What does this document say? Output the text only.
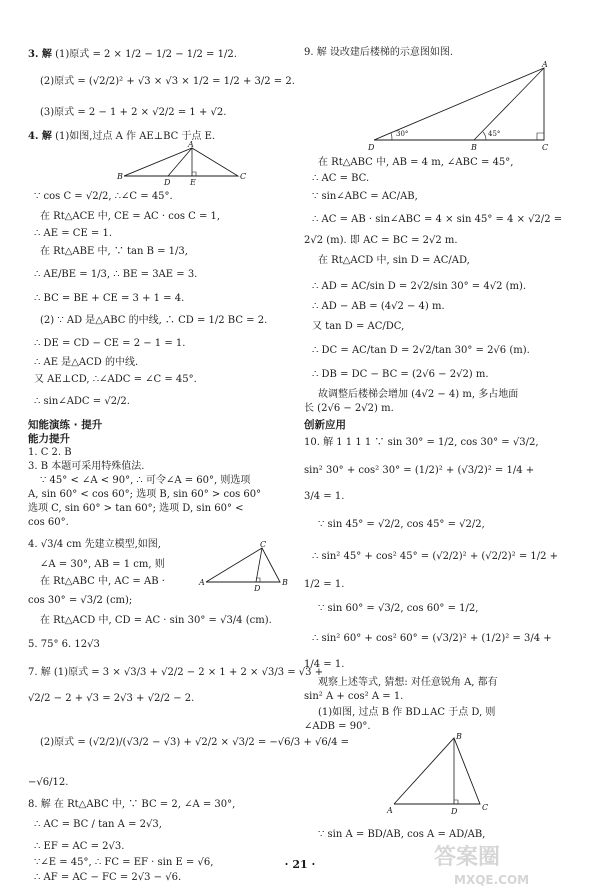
3. 解 (1)原式 = 2 × 1/2 − 1/2 − 1/2 = 1/2.
(2)原式 = (√2/2)² + √3 × √3 × 1/2 = 1/2 + 3/2 = 2.
(3)原式 = 2 − 1 + 2 × √2/2 = 1 + √2.
4. 解 (1)如图,过点 A 作 AE⊥BC 于点 E.
A
B	C
D E
∵ cos C = √2/2, ∴∠C = 45°.
在 Rt△ACE 中, CE = AC · cos C = 1,
∴ AE = CE = 1.
在 Rt△ABE 中, ∵ tan B = 1/3,
∴ AE/BE = 1/3, ∴ BE = 3AE = 3.
∴ BC = BE + CE = 3 + 1 = 4.
(2) ∵ AD 是△ABC 的中线, ∴ CD = 1/2 BC = 2.
∴ DE = CD − CE = 2 − 1 = 1.
∴ AE 是△ACD 的中线.
又 AE⊥CD, ∴∠ADC = ∠C = 45°.
∴ sin∠ADC = √2/2.
知能演练 · 提升
能力提升
1. C 2. B
3. B 本题可采用特殊值法.
∵ 45° < ∠A < 90°, ∴ 可令∠A = 60°, 则选项
A, sin 60° < cos 60°; 选项 B, sin 60° > cos 60°
选项 C, sin 60° > tan 60°; 选项 D, sin 60° <
cos 60°.
4. √3/4 cm 先建立模型,如图,
∠A = 30°, AB = 1 cm, 则
在 Rt△ABC 中, AC = AB ·
cos 30° = √3/2 (cm);
在 Rt△ACD 中, CD = AC · sin 30° = √3/4 (cm).
A	B
C
D
5. 75° 6. 12√3
7. 解 (1)原式 = 3 × √3/3 + √2/2 − 2 × 1 + 2 × √3/3 = √3 +
√2/2 − 2 + √3 = 2√3 + √2/2 − 2.
(2)原式 = (√2/2)/(√3/2 − √3) + √2/2 × √3/2 = −√6/3 + √6/4 =
−√6/12.
8. 解 在 Rt△ABC 中, ∵ BC = 2, ∠A = 30°,
∴ AC = BC / tan A = 2√3,
∴ EF = AC = 2√3.
∵∠E = 45°, ∴ FC = EF · sin E = √6,
∴ AF = AC − FC = 2√3 − √6.
9. 解 设改建后楼梯的示意图如图.
A
B	C
D
30°	45°
在 Rt△ABC 中, AB = 4 m, ∠ABC = 45°,
∴ AC = BC.
∵ sin∠ABC = AC/AB,
∴ AC = AB · sin∠ABC = 4 × sin 45° = 4 × √2/2 =
2√2 (m). 即 AC = BC = 2√2 m.
在 Rt△ACD 中, sin D = AC/AD,
∴ AD = AC/sin D = 2√2/sin 30° = 4√2 (m).
∴ AD − AB = (4√2 − 4) m.
又 tan D = AC/DC,
∴ DC = AC/tan D = 2√2/tan 30° = 2√6 (m).
∴ DB = DC − BC = (2√6 − 2√2) m.
故调整后楼梯会增加 (4√2 − 4) m, 多占地面
长 (2√6 − 2√2) m.
创新应用
10. 解 1 1 1 1 ∵ sin 30° = 1/2, cos 30° = √3/2,
sin² 30° + cos² 30° = (1/2)² + (√3/2)² = 1/4 +
3/4 = 1.
∵ sin 45° = √2/2, cos 45° = √2/2,
∴ sin² 45° + cos² 45° = (√2/2)² + (√2/2)² = 1/2 +
1/2 = 1.
∵ sin 60° = √3/2, cos 60° = 1/2,
∴ sin² 60° + cos² 60° = (√3/2)² + (1/2)² = 3/4 +
1/4 = 1.
观察上述等式, 猜想: 对任意锐角 A, 都有
sin² A + cos² A = 1.
(1)如图, 过点 B 作 BD⊥AC 于点 D, 则
∠ADB = 90°.
B
A	C
D
∵ sin A = BD/AB, cos A = AD/AB,
· 21 ·	答案圈
MXQE.COM
